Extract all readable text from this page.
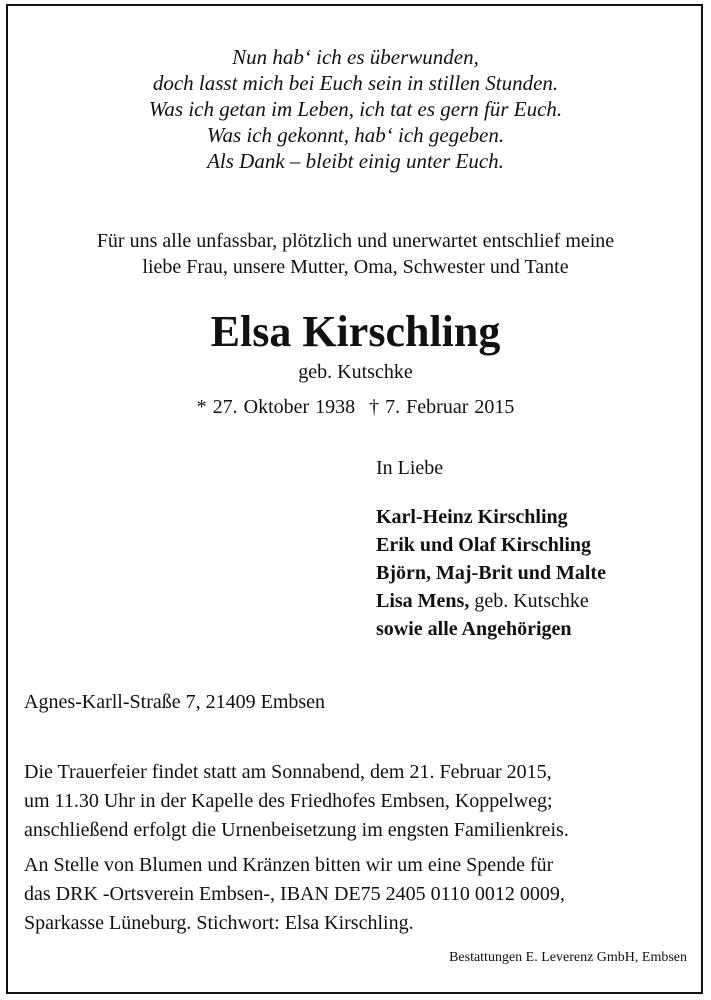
Nun hab‘ ich es überwunden,
doch lasst mich bei Euch sein in stillen Stunden.
Was ich getan im Leben, ich tat es gern für Euch.
Was ich gekonnt, hab‘ ich gegeben.
Als Dank – bleibt einig unter Euch.
Für uns alle unfassbar, plötzlich und unerwartet entschlief meine
liebe Frau, unsere Mutter, Oma, Schwester und Tante
Elsa Kirschling
geb. Kutschke
* 27. Oktober 1938 † 7. Februar 2015
In Liebe
Karl-Heinz Kirschling
Erik und Olaf Kirschling
Björn, Maj-Brit und Malte
Lisa Mens, geb. Kutschke
sowie alle Angehörigen
Agnes-Karll-Straße 7, 21409 Embsen
Die Trauerfeier findet statt am Sonnabend, dem 21. Februar 2015,
um 11.30 Uhr in der Kapelle des Friedhofes Embsen, Koppelweg;
anschließend erfolgt die Urnenbeisetzung im engsten Familienkreis.
An Stelle von Blumen und Kränzen bitten wir um eine Spende für
das DRK -Ortsverein Embsen-, IBAN DE75 2405 0110 0012 0009,
Sparkasse Lüneburg. Stichwort: Elsa Kirschling.
Bestattungen E. Leverenz GmbH, Embsen
